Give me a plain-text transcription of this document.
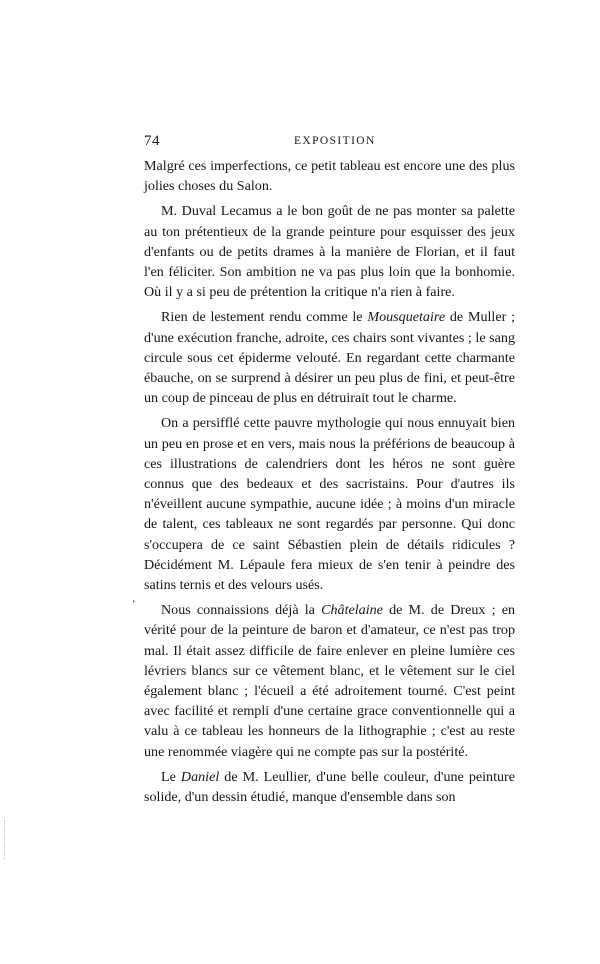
74	EXPOSITION

Malgré ces imperfections, ce petit tableau est encore une des plus jolies choses du Salon.

M. Duval Lecamus a le bon goût de ne pas monter sa palette au ton prétentieux de la grande peinture pour esquisser des jeux d'enfants ou de petits drames à la manière de Florian, et il faut l'en féliciter. Son ambition ne va pas plus loin que la bonhomie. Où il y a si peu de prétention la critique n'a rien à faire.

Rien de lestement rendu comme le Mousquetaire de Muller ; d'une exécution franche, adroite, ces chairs sont vivantes ; le sang circule sous cet épiderme velouté. En regardant cette charmante ébauche, on se surprend à désirer un peu plus de fini, et peut-être un coup de pinceau de plus en détruirait tout le charme.

On a persifflé cette pauvre mythologie qui nous ennuyait bien un peu en prose et en vers, mais nous la préférions de beaucoup à ces illustrations de calendriers dont les héros ne sont guère connus que des bedeaux et des sacristains. Pour d'autres ils n'éveillent aucune sympathie, aucune idée ; à moins d'un miracle de talent, ces tableaux ne sont regardés par personne. Qui donc s'occupera de ce saint Sébastien plein de détails ridicules ? Décidément M. Lépaule fera mieux de s'en tenir à peindre des satins ternis et des velours usés.

Nous connaissions déjà la Châtelaine de M. de Dreux ; en vérité pour de la peinture de baron et d'amateur, ce n'est pas trop mal. Il était assez difficile de faire enlever en pleine lumière ces lévriers blancs sur ce vêtement blanc, et le vêtement sur le ciel également blanc ; l'écueil a été adroitement tourné. C'est peint avec facilité et rempli d'une certaine grace conventionnelle qui a valu à ce tableau les honneurs de la lithographie ; c'est au reste une renommée viagère qui ne compte pas sur la postérité.

Le Daniel de M. Leullier, d'une belle couleur, d'une peinture solide, d'un dessin étudié, manque d'ensemble dans son

‘
